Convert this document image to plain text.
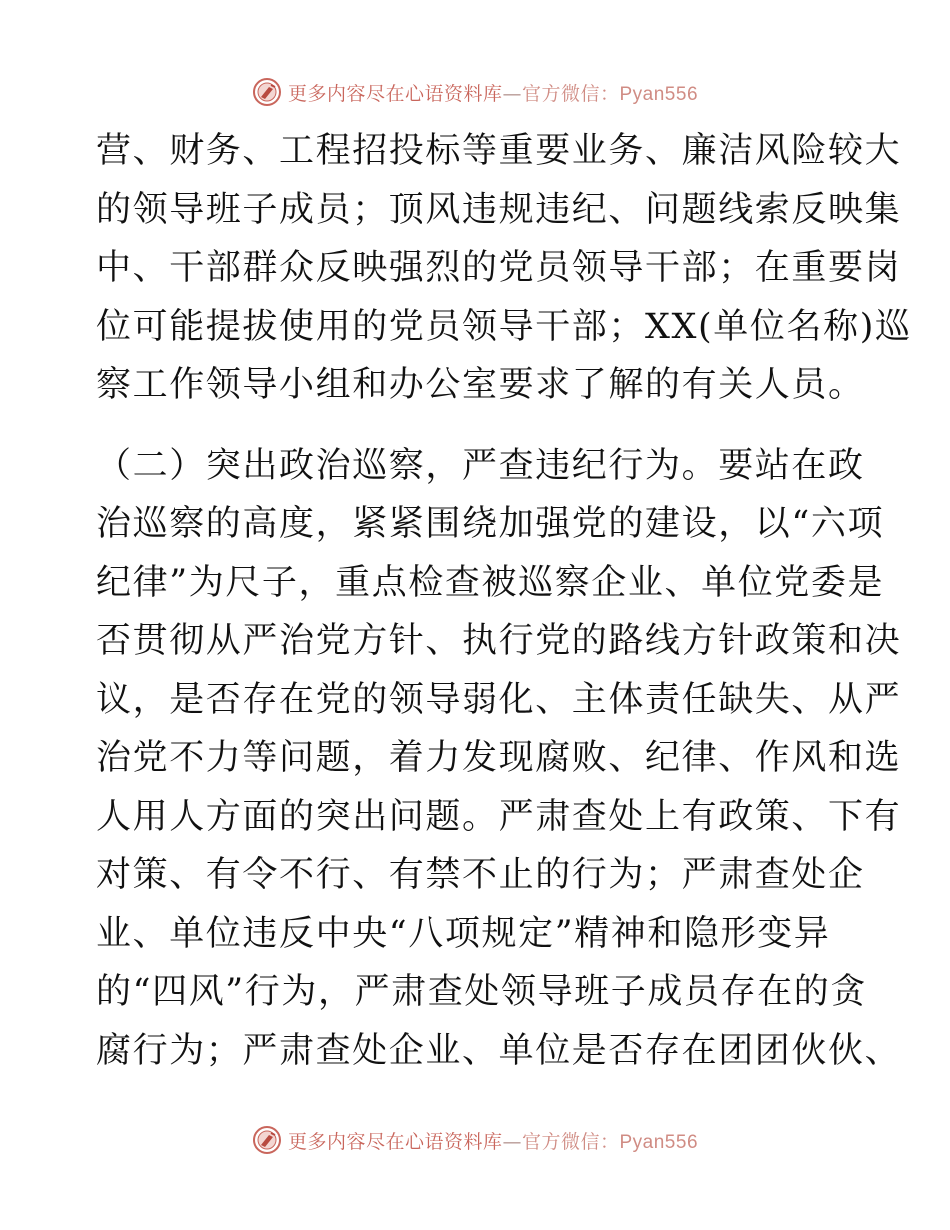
更多内容尽在心语资料库—官方微信：Pyan556
营、财务、工程招投标等重要业务、廉洁风险较大
的领导班子成员；顶风违规违纪、问题线索反映集
中、干部群众反映强烈的党员领导干部；在重要岗
位可能提拔使用的党员领导干部；XX(单位名称)巡
察工作领导小组和办公室要求了解的有关人员。
（二）突出政治巡察，严查违纪行为。要站在政
治巡察的高度，紧紧围绕加强党的建设，以“六项
纪律”为尺子，重点检查被巡察企业、单位党委是
否贯彻从严治党方针、执行党的路线方针政策和决
议，是否存在党的领导弱化、主体责任缺失、从严
治党不力等问题，着力发现腐败、纪律、作风和选
人用人方面的突出问题。严肃查处上有政策、下有
对策、有令不行、有禁不止的行为；严肃查处企
业、单位违反中央“八项规定”精神和隐形变异
的“四风”行为，严肃查处领导班子成员存在的贪
腐行为；严肃查处企业、单位是否存在团团伙伙、
更多内容尽在心语资料库—官方微信：Pyan556
